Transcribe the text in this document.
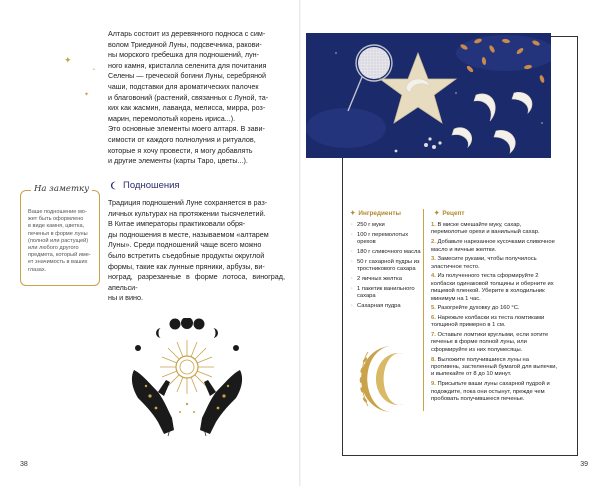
✦
✦
•
Алтарь состоит из деревянного подноса с сим-
волом Триединой Луны, подсвечника, ракови-
ны морского гребешка для подношений, лун-
ного камня, кристалла селенита для почитания
Селены — греческой богини Луны, серебряной
чаши, подставки для ароматических палочек
и благовоний (растений, связанных с Луной, та-
ких как жасмин, лаванда, мелисса, мирра, роз-
марин, перемолотый корень ириса...).
Это основные элементы моего алтаря. В зави-
симости от каждого полнолуния и ритуалов,
которые я хочу провести, я могу добавлять
и другие элементы (карты Таро, цветы...).
На заметку
Ваше подношение мо-
жет быть оформлено
в виде камня, цветка,
печенья в форме луны
(полной или растущей)
или любого другого
предмета, который име-
ет значимость в ваших
глазах.
Подношения
Традиция подношений Луне сохраняется в раз-
личных культурах на протяжении тысячелетий.
В Китае императоры практиковали обря-
ды подношения в месте, называемом «алтарем
Луны». Среди подношений чаще всего можно
было встретить съедобные продукты округлой
формы, такие как лунные пряники, арбузы, ви-
ноград, разрезанные в форме лотоса, виноград, апельси-
ны и вино.
38
✦ Ингредиенты	✦ Рецепт
· 250 г муки
· 100 г перемолотых орехов
· 180 г сливочного масла
· 50 г сахарной пудры из тростникового сахара
· 2 яичных желтка
· 1 пакетик ванильного сахара
· Сахарная пудра
1. В миске смешайте муку, сахар, перемолотые орехи и ванильный сахар.
2. Добавьте нарезанное кусочками сливочное масло и яичные желтки.
3. Замесите руками, чтобы получилось эластичное тесто.
4. Из полученного теста сформируйте 2 колбаски одинаковой толщины и оберните их пищевой пленкой. Уберите в холодильник минимум на 1 час.
5. Разогрейте духовку до 160 °С.
6. Нарежьте колбаски из теста ломтиками толщиной примерно в 1 см.
7. Оставьте ломтики круглыми, если хотите печенье в форме полной луны, или сформируйте из них полумесяцы.
8. Выложите получившиеся луны на противень, застеленный бумагой для выпечки, и выпекайте от 8 до 10 минут.
9. Присыпьте ваши луны сахарной пудрой и подождите, пока они остынут, прежде чем пробовать получившееся печенье.
39
